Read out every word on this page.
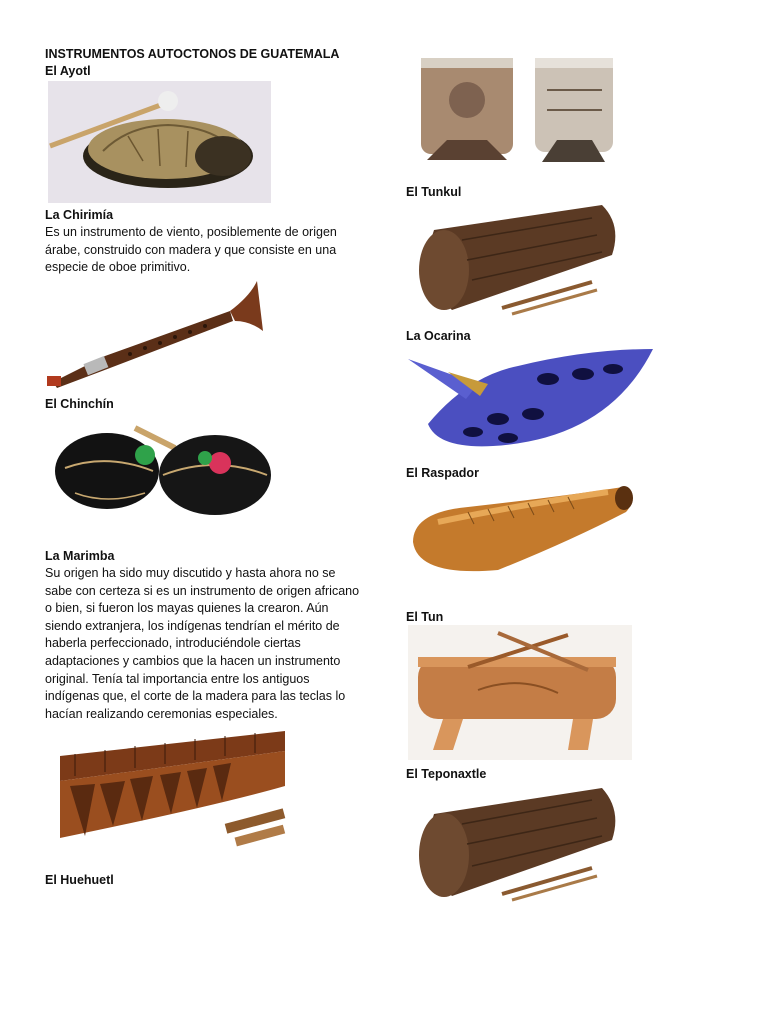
INSTRUMENTOS AUTOCTONOS DE GUATEMALA
El Ayotl
La Chirimía
Es un instrumento de viento, posiblemente de origen
árabe, construido con madera y que consiste en una
especie de oboe primitivo.
El Chinchín
La Marimba
Su origen ha sido muy discutido y hasta ahora no se
sabe con certeza si es un instrumento de origen africano
o bien, si fueron los mayas quienes la crearon. Aún
siendo extranjera, los indígenas tendrían el mérito de
haberla perfeccionado, introduciéndole ciertas
adaptaciones y cambios que la hacen un instrumento
original. Tenía tal importancia entre los antiguos
indígenas que, el corte de la madera para las teclas lo
hacían realizando ceremonias especiales.
El Huehuetl
El Tunkul
La Ocarina
El Raspador
El Tun
El Teponaxtle
